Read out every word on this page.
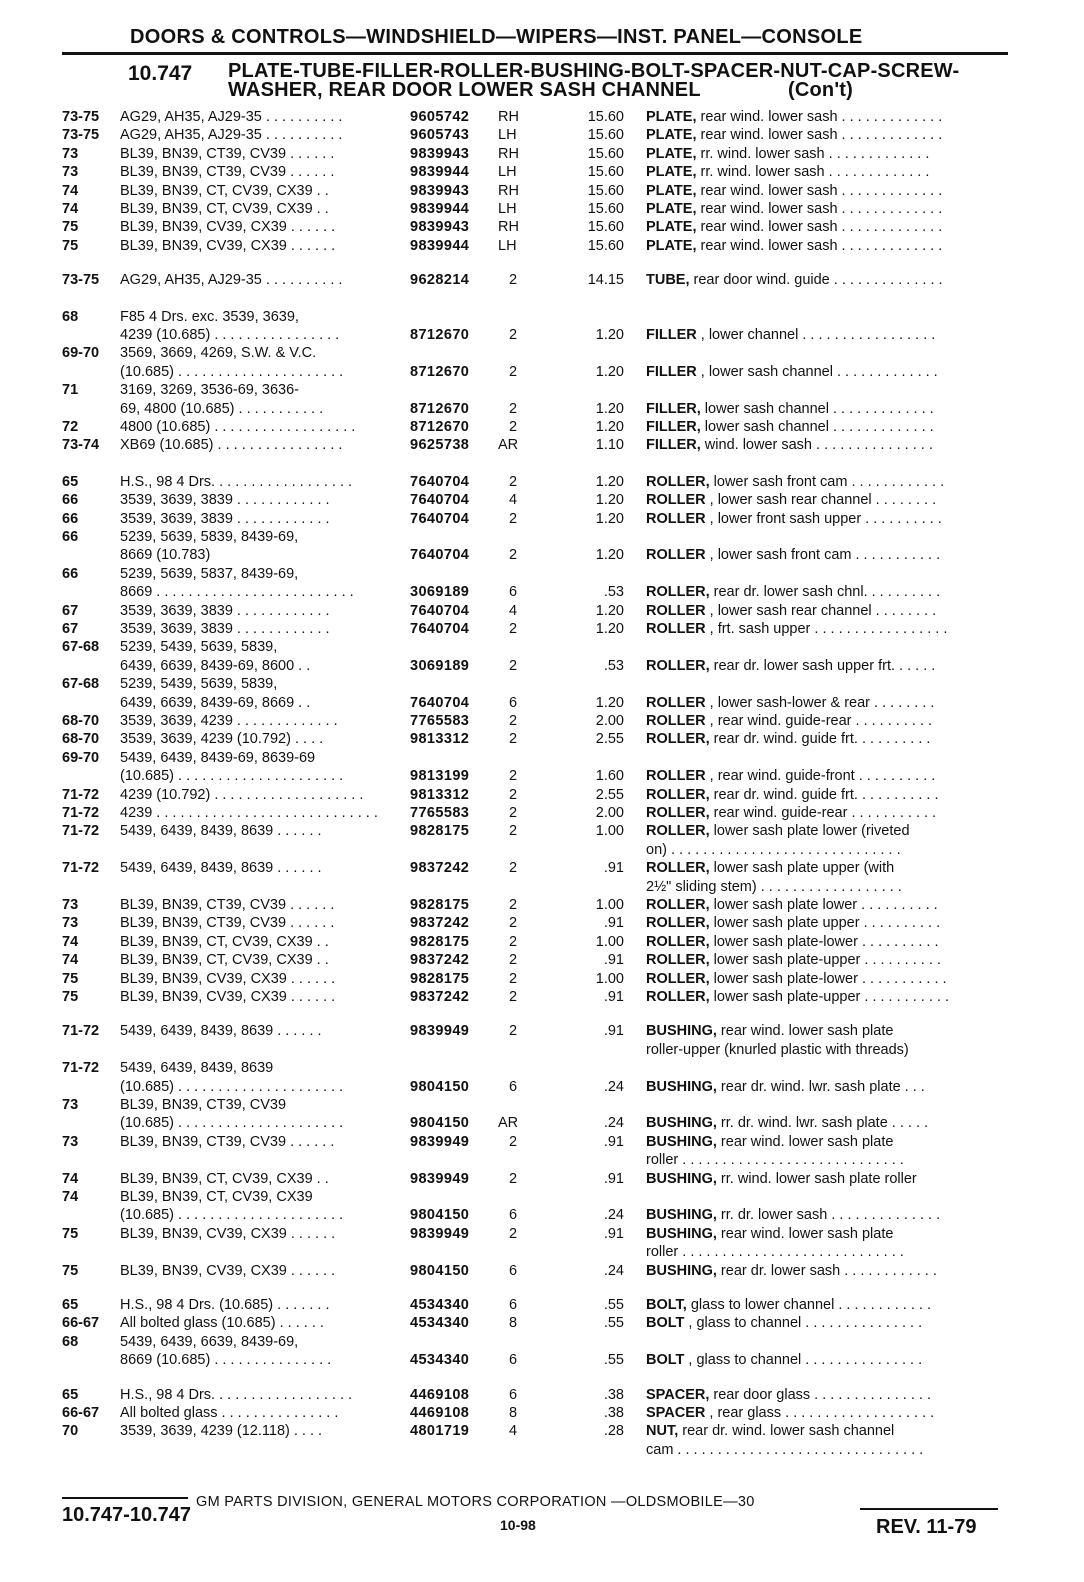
DOORS & CONTROLS—WINDSHIELD—WIPERS—INST. PANEL—CONSOLE
10.747 PLATE-TUBE-FILLER-ROLLER-BUSHING-BOLT-SPACER-NUT-CAP-SCREW-
WASHER, REAR DOOR LOWER SASH CHANNEL	(Con't)
73-75 AG29, AH35, AJ29-35 . . . . . . . . . .	9605742 RH	15.60 PLATE, rear wind. lower sash . . . . . . . . . . . . .
73-75 AG29, AH35, AJ29-35 . . . . . . . . . .	9605743 LH	15.60 PLATE, rear wind. lower sash . . . . . . . . . . . . .
73	BL39, BN39, CT39, CV39 . . . . . .	9839943 RH	15.60 PLATE, rr. wind. lower sash . . . . . . . . . . . . .
73	BL39, BN39, CT39, CV39 . . . . . .	9839944 LH	15.60 PLATE, rr. wind. lower sash . . . . . . . . . . . . .
74	BL39, BN39, CT, CV39, CX39 . .	9839943 RH	15.60 PLATE, rear wind. lower sash . . . . . . . . . . . . .
74	BL39, BN39, CT, CV39, CX39 . .	9839944 LH	15.60 PLATE, rear wind. lower sash . . . . . . . . . . . . .
75	BL39, BN39, CV39, CX39 . . . . . .	9839943 RH	15.60 PLATE, rear wind. lower sash . . . . . . . . . . . . .
75	BL39, BN39, CV39, CX39 . . . . . .	9839944 LH	15.60 PLATE, rear wind. lower sash . . . . . . . . . . . . .
73-75 AG29, AH35, AJ29-35 . . . . . . . . . .	9628214	2	14.15 TUBE, rear door wind. guide . . . . . . . . . . . . . .
68	F85 4 Drs. exc. 3539, 3639,
4239 (10.685) . . . . . . . . . . . . . . . .	8712670	2	1.20 FILLER , lower channel . . . . . . . . . . . . . . . . .
69-70 3569, 3669, 4269, S.W. & V.C.
(10.685) . . . . . . . . . . . . . . . . . . . . .	8712670	2	1.20 FILLER , lower sash channel . . . . . . . . . . . . .
71	3169, 3269, 3536-69, 3636-
69, 4800 (10.685) . . . . . . . . . . .	8712670	2	1.20 FILLER, lower sash channel . . . . . . . . . . . . .
72	4800 (10.685) . . . . . . . . . . . . . . . . . .	8712670	2	1.20 FILLER, lower sash channel . . . . . . . . . . . . .
73-74 XB69 (10.685) . . . . . . . . . . . . . . . .	9625738 AR	1.10 FILLER, wind. lower sash . . . . . . . . . . . . . . .
65	H.S., 98 4 Drs. . . . . . . . . . . . . . . . . .	7640704	2	1.20 ROLLER, lower sash front cam . . . . . . . . . . . .
66	3539, 3639, 3839 . . . . . . . . . . . .	7640704	4	1.20 ROLLER , lower sash rear channel . . . . . . . .
66	3539, 3639, 3839 . . . . . . . . . . . .	7640704	2	1.20 ROLLER , lower front sash upper . . . . . . . . . .
66	5239, 5639, 5839, 8439-69,
8669 (10.783)	7640704	2	1.20 ROLLER , lower sash front cam . . . . . . . . . . .
66	5239, 5639, 5837, 8439-69,
8669 . . . . . . . . . . . . . . . . . . . . . . . . .	3069189	6	.53 ROLLER, rear dr. lower sash chnl. . . . . . . . . .
67	3539, 3639, 3839 . . . . . . . . . . . .	7640704	4	1.20 ROLLER , lower sash rear channel . . . . . . . .
67	3539, 3639, 3839 . . . . . . . . . . . .	7640704	2	1.20 ROLLER , frt. sash upper . . . . . . . . . . . . . . . . .
67-68 5239, 5439, 5639, 5839,
6439, 6639, 8439-69, 8600 . .	3069189	2	.53 ROLLER, rear dr. lower sash upper frt. . . . . .
67-68 5239, 5439, 5639, 5839,
6439, 6639, 8439-69, 8669 . .	7640704	6	1.20 ROLLER , lower sash-lower & rear . . . . . . . .
68-70 3539, 3639, 4239 . . . . . . . . . . . . .	7765583	2	2.00 ROLLER , rear wind. guide-rear . . . . . . . . . .
68-70 3539, 3639, 4239 (10.792) . . . .	9813312	2	2.55 ROLLER, rear dr. wind. guide frt. . . . . . . . . .
69-70 5439, 6439, 8439-69, 8639-69
(10.685) . . . . . . . . . . . . . . . . . . . . .	9813199	2	1.60 ROLLER , rear wind. guide-front . . . . . . . . . .
71-72 4239 (10.792) . . . . . . . . . . . . . . . . . . .	9813312	2	2.55 ROLLER, rear dr. wind. guide frt. . . . . . . . . . .
71-72 4239 . . . . . . . . . . . . . . . . . . . . . . . . . . . .	7765583	2	2.00 ROLLER, rear wind. guide-rear . . . . . . . . . . .
71-72 5439, 6439, 8439, 8639 . . . . . .	9828175	2	1.00 ROLLER, lower sash plate lower (riveted
on) . . . . . . . . . . . . . . . . . . . . . . . . . . . . .
71-72 5439, 6439, 8439, 8639 . . . . . .	9837242	2	.91 ROLLER, lower sash plate upper (with
2½" sliding stem) . . . . . . . . . . . . . . . . . .
73	BL39, BN39, CT39, CV39 . . . . . .	9828175	2	1.00 ROLLER, lower sash plate lower . . . . . . . . . .
73	BL39, BN39, CT39, CV39 . . . . . .	9837242	2	.91 ROLLER, lower sash plate upper . . . . . . . . . .
74	BL39, BN39, CT, CV39, CX39 . .	9828175	2	1.00 ROLLER, lower sash plate-lower . . . . . . . . . .
74	BL39, BN39, CT, CV39, CX39 . .	9837242	2	.91 ROLLER, lower sash plate-upper . . . . . . . . . .
75	BL39, BN39, CV39, CX39 . . . . . .	9828175	2	1.00 ROLLER, lower sash plate-lower . . . . . . . . . . .
75	BL39, BN39, CV39, CX39 . . . . . .	9837242	2	.91 ROLLER, lower sash plate-upper . . . . . . . . . . .
71-72 5439, 6439, 8439, 8639 . . . . . .	9839949	2	.91 BUSHING, rear wind. lower sash plate
roller-upper (knurled plastic with threads)
71-72 5439, 6439, 8439, 8639
(10.685) . . . . . . . . . . . . . . . . . . . . .	9804150	6	.24 BUSHING, rear dr. wind. lwr. sash plate . . .
73	BL39, BN39, CT39, CV39
(10.685) . . . . . . . . . . . . . . . . . . . . .	9804150 AR	.24 BUSHING, rr. dr. wind. lwr. sash plate . . . . .
73	BL39, BN39, CT39, CV39 . . . . . .	9839949	2	.91 BUSHING, rear wind. lower sash plate
roller . . . . . . . . . . . . . . . . . . . . . . . . . . . .
74	BL39, BN39, CT, CV39, CX39 . .	9839949	2	.91 BUSHING, rr. wind. lower sash plate roller
74	BL39, BN39, CT, CV39, CX39
(10.685) . . . . . . . . . . . . . . . . . . . . .	9804150	6	.24 BUSHING, rr. dr. lower sash . . . . . . . . . . . . . .
75	BL39, BN39, CV39, CX39 . . . . . .	9839949	2	.91 BUSHING, rear wind. lower sash plate
roller . . . . . . . . . . . . . . . . . . . . . . . . . . . .
75	BL39, BN39, CV39, CX39 . . . . . .	9804150	6	.24 BUSHING, rear dr. lower sash . . . . . . . . . . . .
65	H.S., 98 4 Drs. (10.685) . . . . . . .	4534340	6	.55 BOLT, glass to lower channel . . . . . . . . . . . .
66-67 All bolted glass (10.685) . . . . . .	4534340	8	.55 BOLT , glass to channel . . . . . . . . . . . . . . .
68	5439, 6439, 6639, 8439-69,
8669 (10.685) . . . . . . . . . . . . . . .	4534340	6	.55 BOLT , glass to channel . . . . . . . . . . . . . . .
65	H.S., 98 4 Drs. . . . . . . . . . . . . . . . . .	4469108	6	.38 SPACER, rear door glass . . . . . . . . . . . . . . .
66-67 All bolted glass . . . . . . . . . . . . . . .	4469108	8	.38 SPACER , rear glass . . . . . . . . . . . . . . . . . . .
70	3539, 3639, 4239 (12.118) . . . .	4801719	4	.28 NUT, rear dr. wind. lower sash channel
cam . . . . . . . . . . . . . . . . . . . . . . . . . . . . . . .
GM PARTS DIVISION, GENERAL MOTORS CORPORATION —OLDSMOBILE—30
10.747-10.747	10-98	REV. 11-79
